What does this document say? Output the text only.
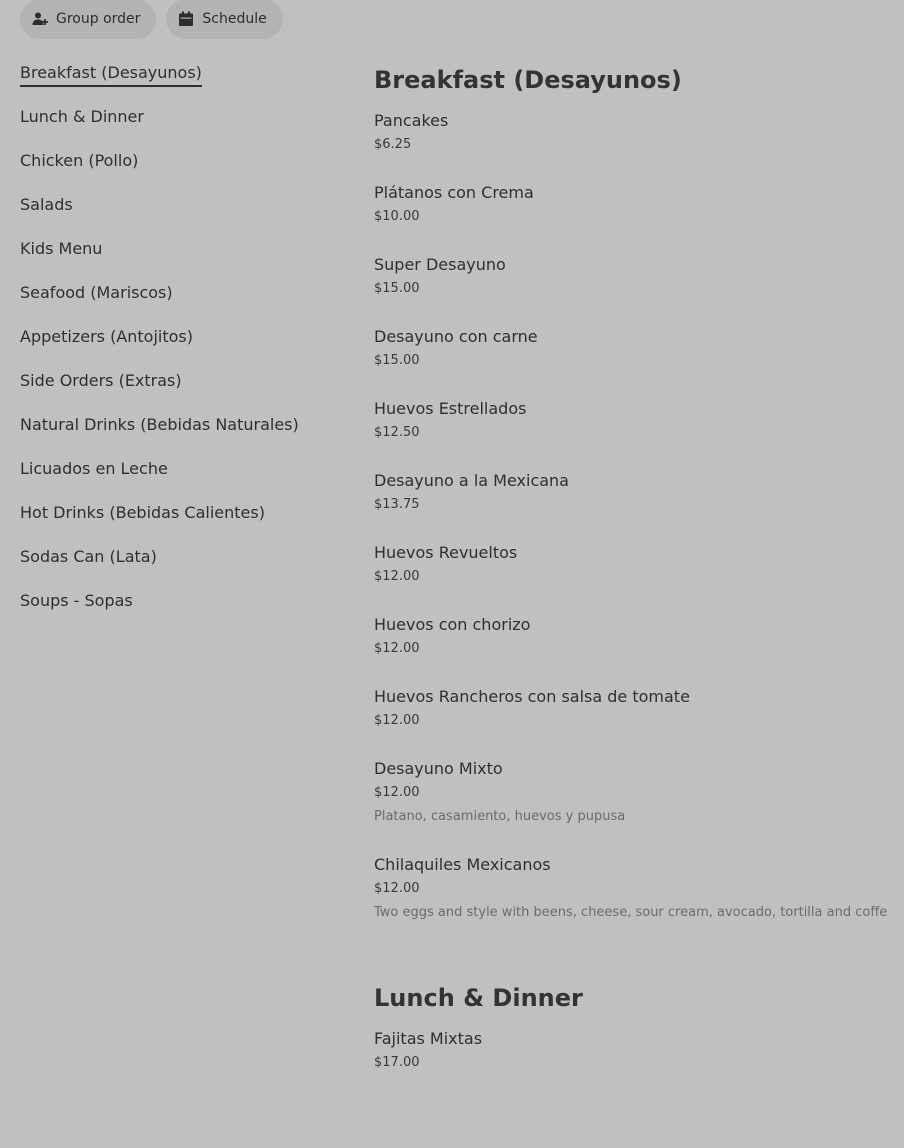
Group order	Schedule
Breakfast (Desayunos)
Lunch & Dinner
Chicken (Pollo)
Salads
Kids Menu
Seafood (Mariscos)
Appetizers (Antojitos)
Side Orders (Extras)
Natural Drinks (Bebidas Naturales)
Licuados en Leche
Hot Drinks (Bebidas Calientes)
Sodas Can (Lata)
Soups - Sopas
Breakfast (Desayunos)
Pancakes
$6.25
Plátanos con Crema
$10.00
Super Desayuno
$15.00
Desayuno con carne
$15.00
Huevos Estrellados
$12.50
Desayuno a la Mexicana
$13.75
Huevos Revueltos
$12.00
Huevos con chorizo
$12.00
Huevos Rancheros con salsa de tomate
$12.00
Desayuno Mixto
$12.00
Platano, casamiento, huevos y pupusa
Chilaquiles Mexicanos
$12.00
Two eggs and style with beens, cheese, sour cream, avocado, tortilla and coffe
Lunch & Dinner
Fajitas Mixtas
$17.00
